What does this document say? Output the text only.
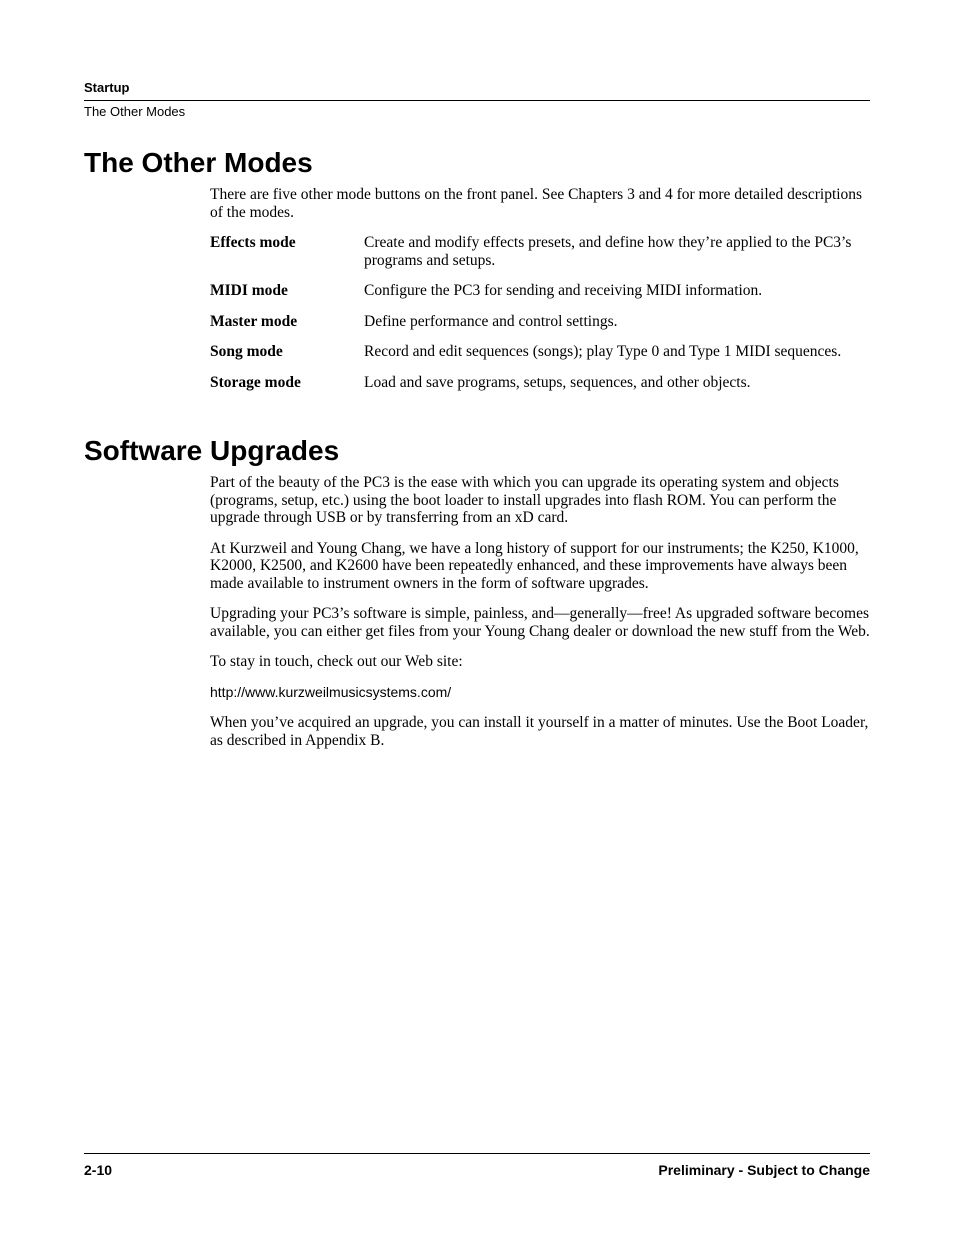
Startup
The Other Modes
The Other Modes

There are five other mode buttons on the front panel. See Chapters 3 and 4 for more detailed descriptions of the modes.

Effects mode	Create and modify effects presets, and define how they’re applied to the PC3’s programs and setups.
MIDI mode	Configure the PC3 for sending and receiving MIDI information.
Master mode	Define performance and control settings.
Song mode	Record and edit sequences (songs); play Type 0 and Type 1 MIDI sequences.
Storage mode	Load and save programs, setups, sequences, and other objects.
Software Upgrades

Part of the beauty of the PC3 is the ease with which you can upgrade its operating system and objects (programs, setup, etc.) using the boot loader to install upgrades into flash ROM. You can perform the upgrade through USB or by transferring from an xD card.

At Kurzweil and Young Chang, we have a long history of support for our instruments; the K250, K1000, K2000, K2500, and K2600 have been repeatedly enhanced, and these improvements have always been made available to instrument owners in the form of software upgrades.

Upgrading your PC3’s software is simple, painless, and—generally—free! As upgraded software becomes available, you can either get files from your Young Chang dealer or download the new stuff from the Web.

To stay in touch, check out our Web site:

http://www.kurzweilmusicsystems.com/

When you’ve acquired an upgrade, you can install it yourself in a matter of minutes. Use the Boot Loader, as described in Appendix B.

2-10	Preliminary - Subject to Change
